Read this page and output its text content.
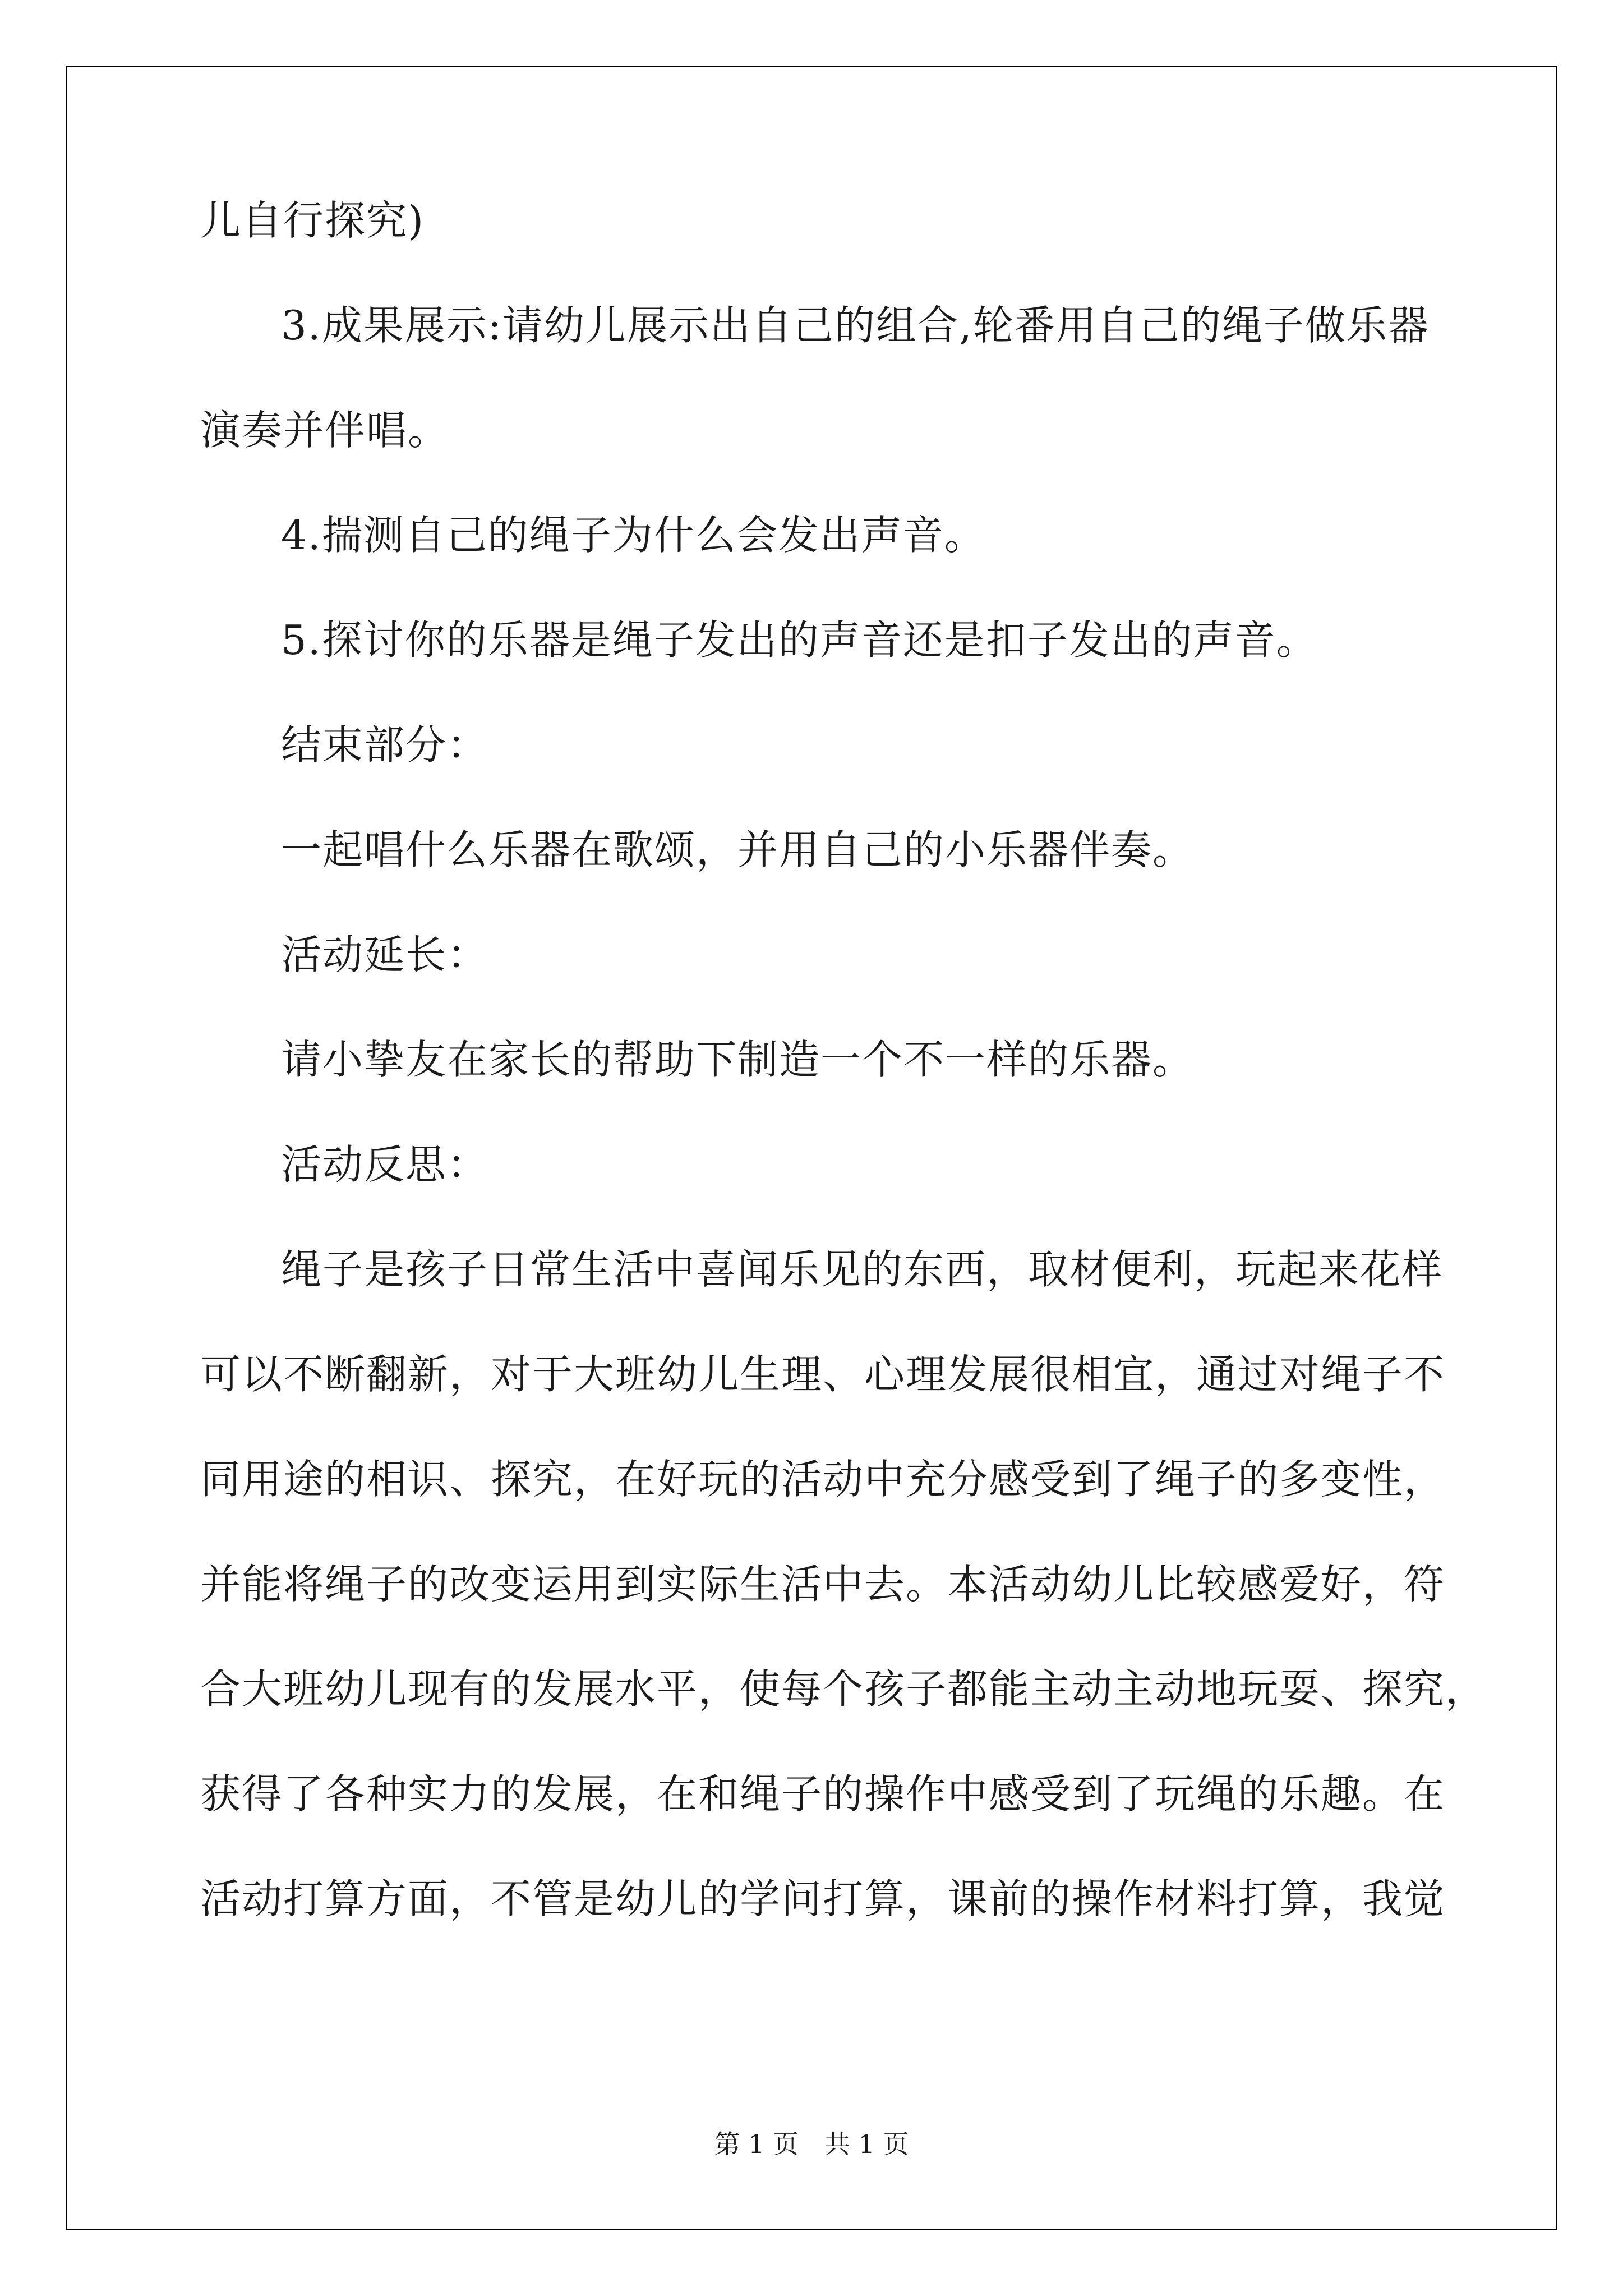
儿自行探究)
3.成果展示:请幼儿展示出自己的组合,轮番用自己的绳子做乐器
演奏并伴唱。
4.揣测自己的绳子为什么会发出声音。
5.探讨你的乐器是绳子发出的声音还是扣子发出的声音。
结束部分：
一起唱什么乐器在歌颂，并用自己的小乐器伴奏。
活动延长：
请小挚友在家长的帮助下制造一个不一样的乐器。
活动反思：
绳子是孩子日常生活中喜闻乐见的东西，取材便利，玩起来花样
可以不断翻新，对于大班幼儿生理、心理发展很相宜，通过对绳子不
同用途的相识、探究，在好玩的活动中充分感受到了绳子的多变性，
并能将绳子的改变运用到实际生活中去。本活动幼儿比较感爱好，符
合大班幼儿现有的发展水平，使每个孩子都能主动主动地玩耍、探究，
获得了各种实力的发展，在和绳子的操作中感受到了玩绳的乐趣。在
活动打算方面，不管是幼儿的学问打算，课前的操作材料打算，我觉
第 1 页　共 1 页
